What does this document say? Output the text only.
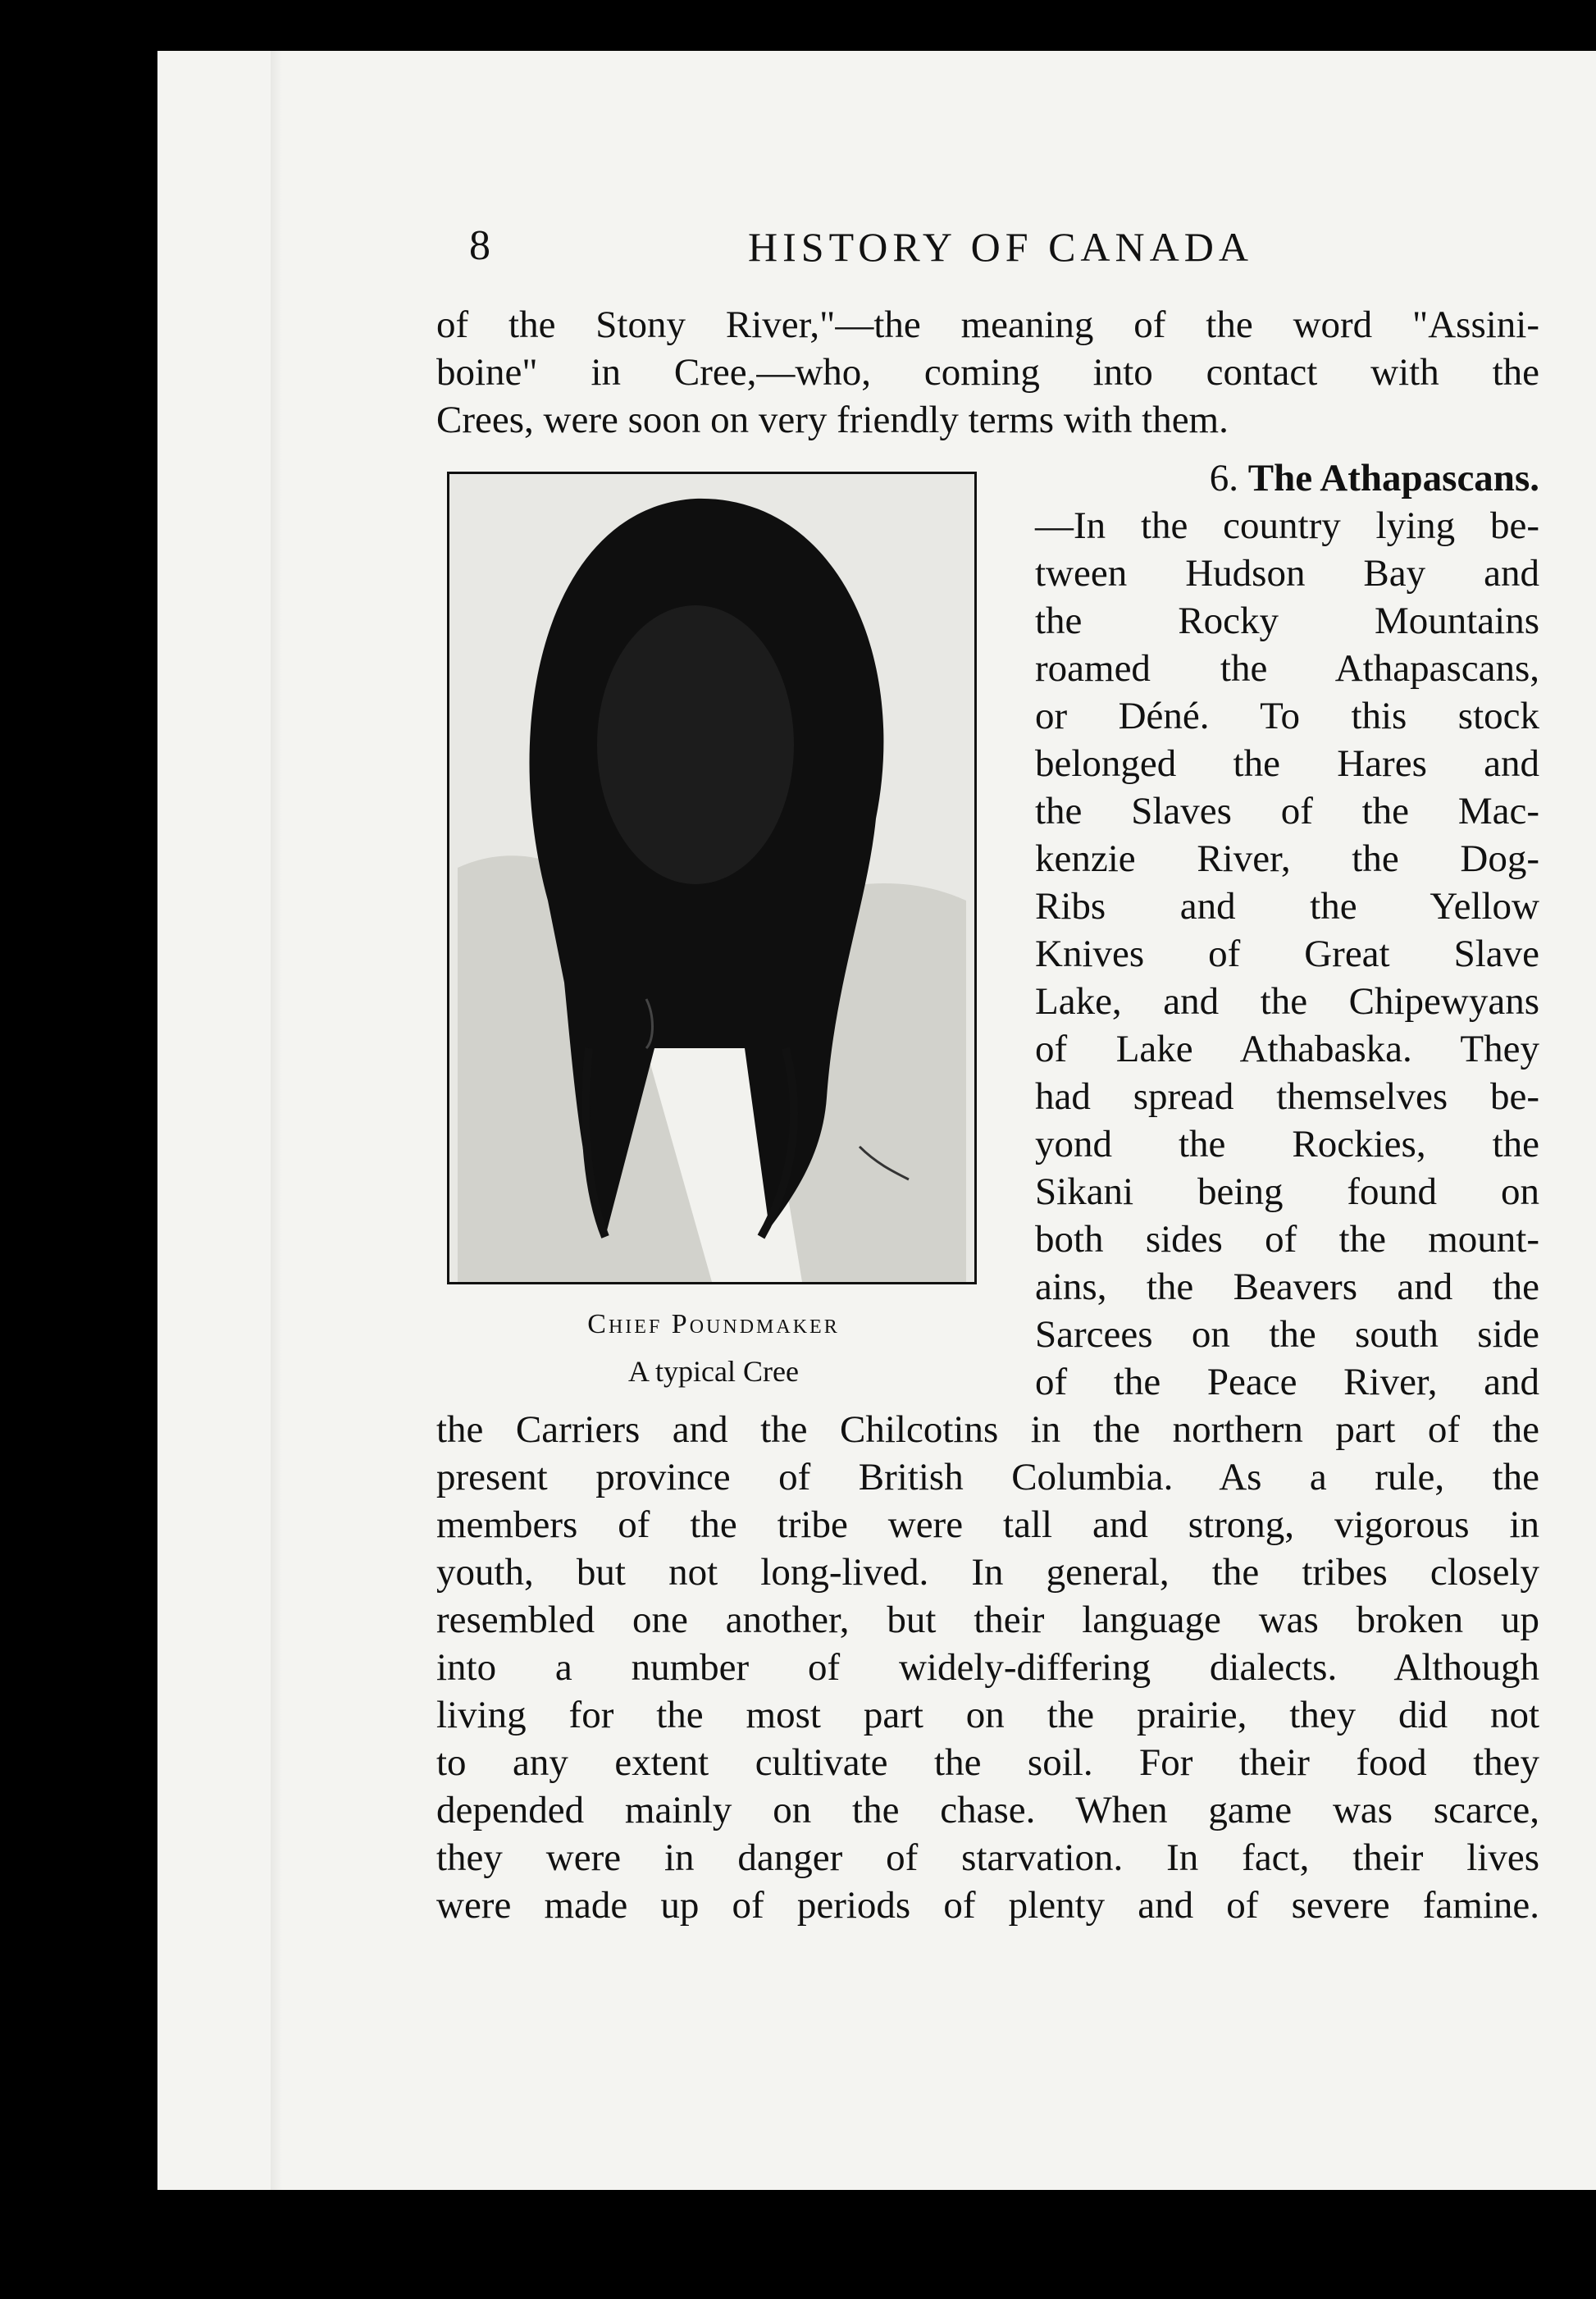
8	HISTORY OF CANADA
of the Stony River,"—the meaning of the word "Assini-
boine" in Cree,—who, coming into contact with the
Crees, were soon on very friendly terms with them.
6. The Athapascans.
—In the country lying be-
tween Hudson Bay and
the Rocky Mountains
roamed the Athapascans,
or Déné. To this stock
belonged the Hares and
the Slaves of the Mac-
kenzie River, the Dog-
Ribs and the Yellow
Knives of Great Slave
Lake, and the Chipewyans
of Lake Athabaska. They
had spread themselves be-
yond the Rockies, the
Sikani being found on
both sides of the mount-
ains, the Beavers and the
Sarcees on the south side
of the Peace River, and
Chief Poundmaker
A typical Cree
the Carriers and the Chilcotins in the northern part of the
present province of British Columbia. As a rule, the
members of the tribe were tall and strong, vigorous in
youth, but not long-lived. In general, the tribes closely
resembled one another, but their language was broken up
into a number of widely-differing dialects. Although
living for the most part on the prairie, they did not
to any extent cultivate the soil. For their food they
depended mainly on the chase. When game was scarce,
they were in danger of starvation. In fact, their lives
were made up of periods of plenty and of severe famine.
